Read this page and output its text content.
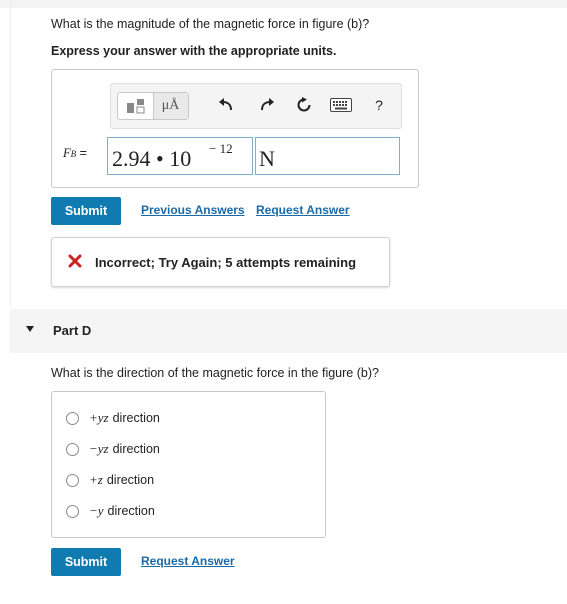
What is the magnitude of the magnetic force in figure (b)?
Express your answer with the appropriate units.
μÅ	?
FB = 2.94 • 10 − 12 N
Submit	Previous Answers Request Answer
Incorrect; Try Again; 5 attempts remaining
Part D
What is the direction of the magnetic force in the figure (b)?
+yz direction
−yz direction
+z direction
−y direction
Submit	Request Answer
